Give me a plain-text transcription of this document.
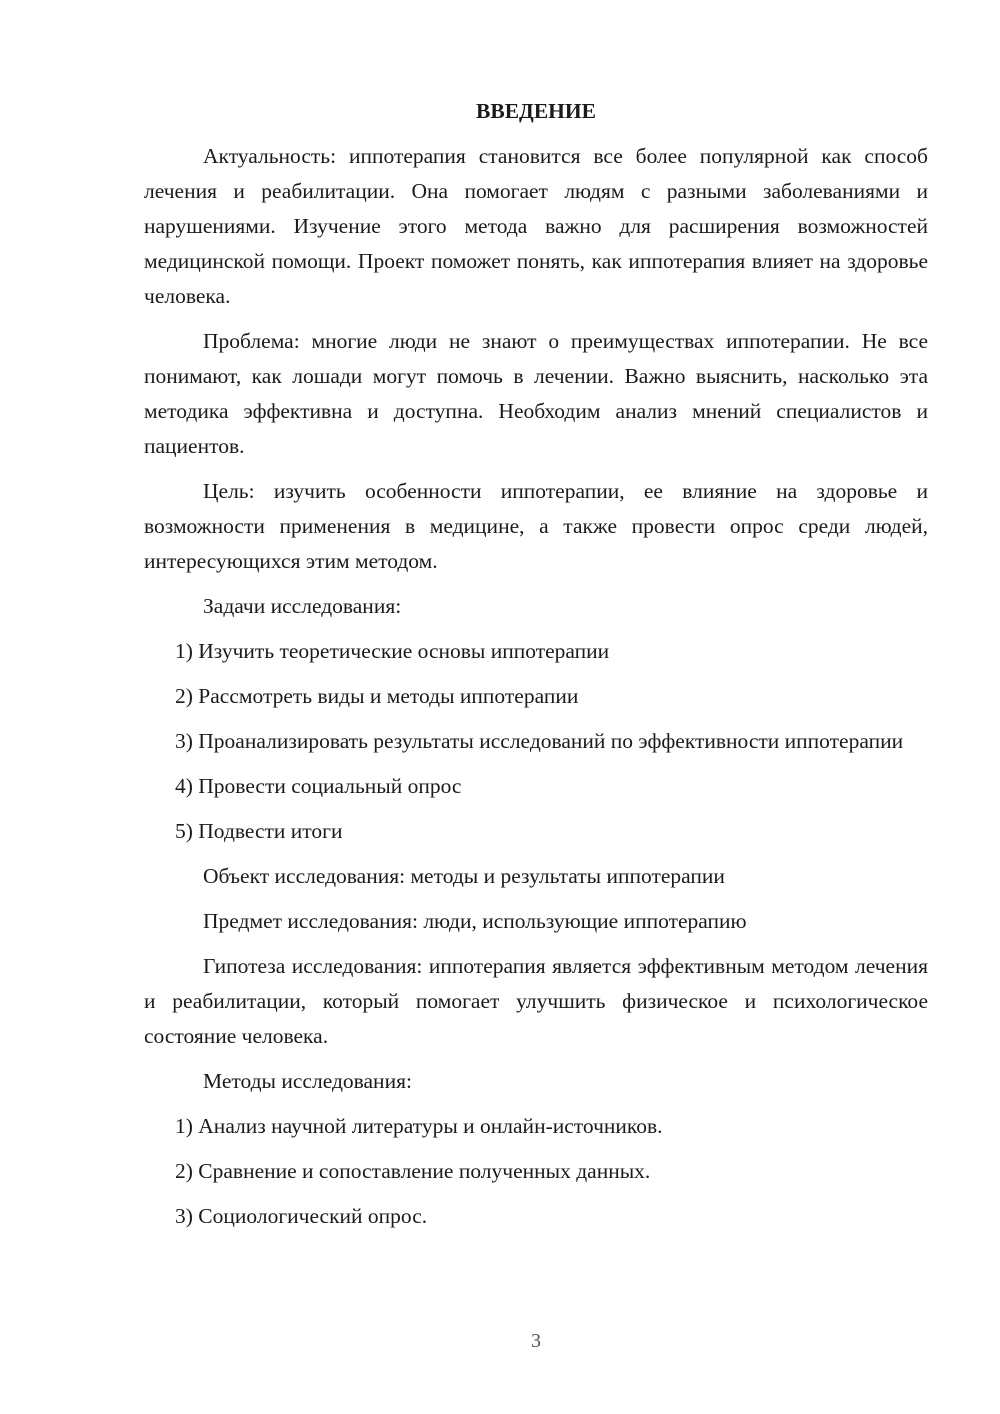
ВВЕДЕНИЕ

Актуальность: иппотерапия становится все более популярной как способ лечения и реабилитации. Она помогает людям с разными заболеваниями и нарушениями. Изучение этого метода важно для расширения возможностей медицинской помощи. Проект поможет понять, как иппотерапия влияет на здоровье человека.

Проблема: многие люди не знают о преимуществах иппотерапии. Не все понимают, как лошади могут помочь в лечении. Важно выяснить, насколько эта методика эффективна и доступна. Необходим анализ мнений специалистов и пациентов.

Цель: изучить особенности иппотерапии, ее влияние на здоровье и возможности применения в медицине, а также провести опрос среди людей, интересующихся этим методом.

Задачи исследования:

1) Изучить теоретические основы иппотерапии

2) Рассмотреть виды и методы иппотерапии

3) Проанализировать результаты исследований по эффективности иппотерапии

4) Провести социальный опрос

5) Подвести итоги

Объект исследования: методы и результаты иппотерапии

Предмет исследования: люди, использующие иппотерапию

Гипотеза исследования: иппотерапия является эффективным методом лечения и реабилитации, который помогает улучшить физическое и психологическое состояние человека.

Методы исследования:

1) Анализ научной литературы и онлайн-источников.

2) Сравнение и сопоставление полученных данных.

3) Социологический опрос.

3
